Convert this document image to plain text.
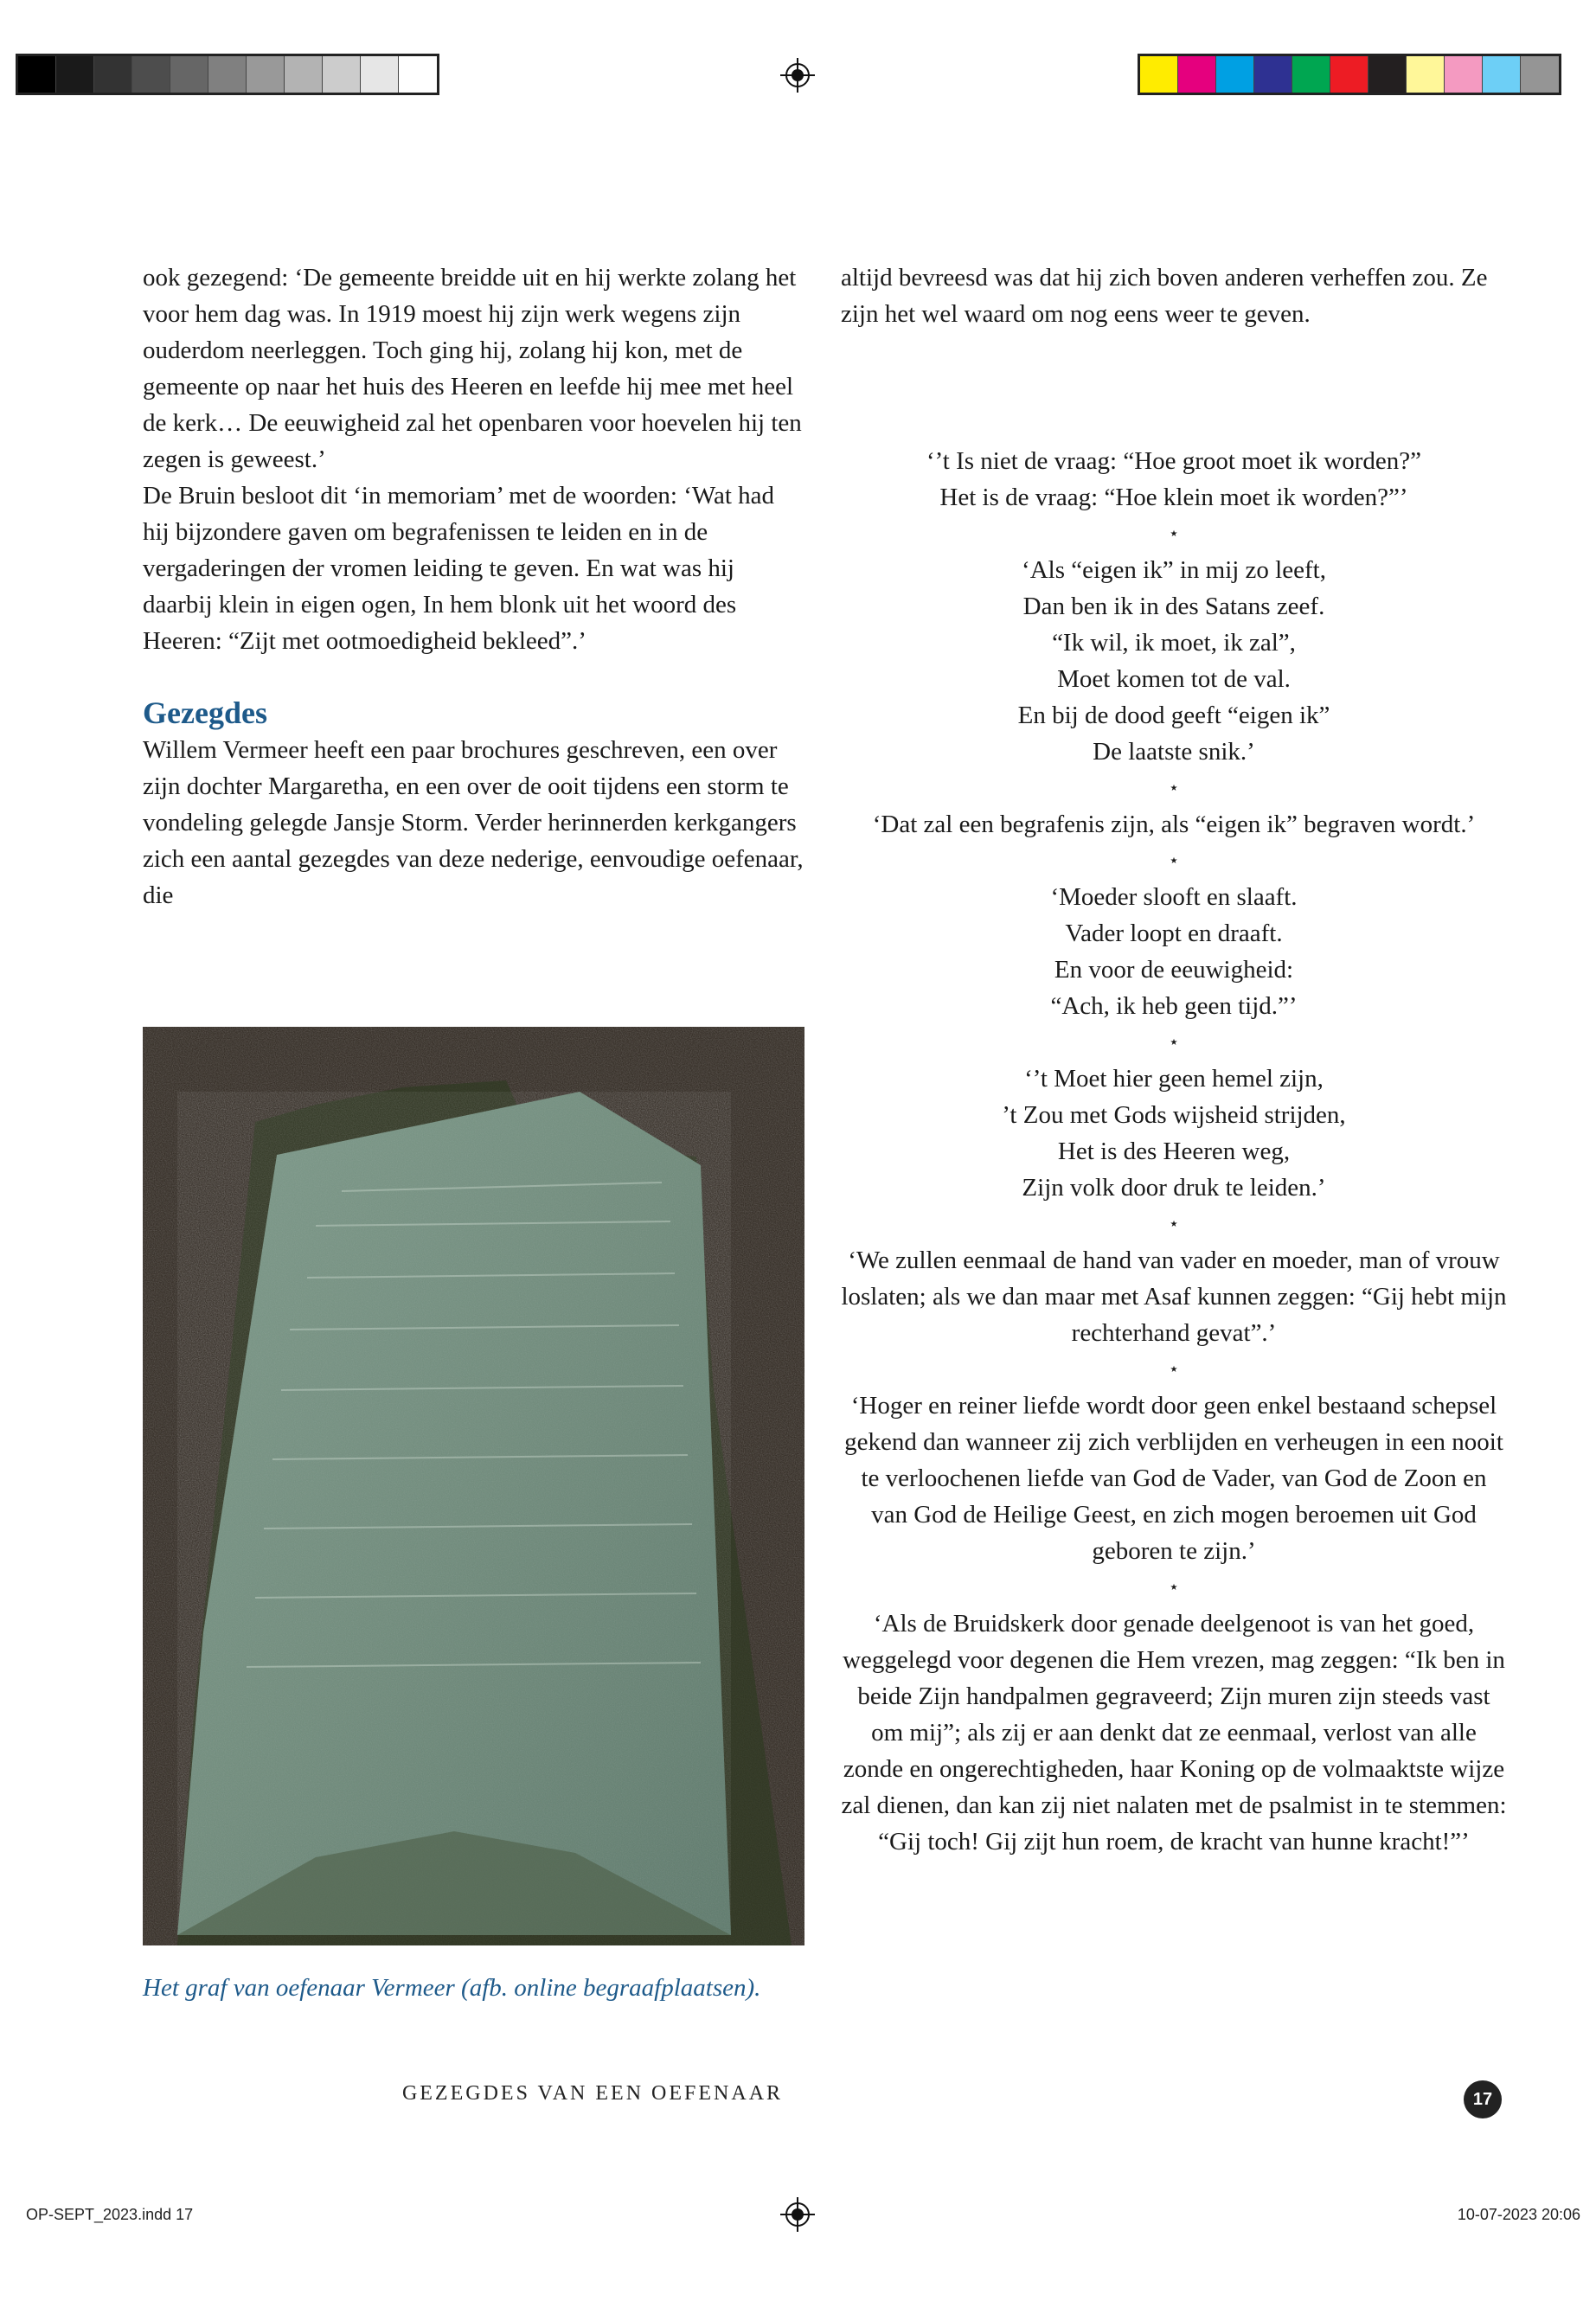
ook gezegend: ‘De gemeente breidde uit en hij werkte zolang het voor hem dag was. In 1919 moest hij zijn werk wegens zijn ouderdom neerleggen. Toch ging hij, zolang hij kon, met de gemeente op naar het huis des Heeren en leefde hij mee met heel de kerk… De eeuwigheid zal het openbaren voor hoevelen hij ten zegen is geweest.’

De Bruin besloot dit ‘in memoriam’ met de woorden: ‘Wat had hij bijzondere gaven om begrafenissen te leiden en in de vergaderingen der vromen leiding te geven. En wat was hij daarbij klein in eigen ogen, In hem blonk uit het woord des Heeren: “Zijt met ootmoedigheid bekleed”.’

Gezegdes

Willem Vermeer heeft een paar brochures geschreven, een over zijn dochter Margaretha, en een over de ooit tijdens een storm te vondeling gelegde Jansje Storm. Verder herinnerden kerkgangers zich een aantal gezegdes van deze nederige, eenvoudige oefenaar, die

Het graf van oefenaar Vermeer (afb. online begraafplaatsen).

altijd bevreesd was dat hij zich boven anderen verheffen zou. Ze zijn het wel waard om nog eens weer te geven.

‘’t Is niet de vraag: “Hoe groot moet ik worden?”
Het is de vraag: “Hoe klein moet ik worden?”’

⋆

‘Als “eigen ik” in mij zo leeft,
Dan ben ik in des Satans zeef.
“Ik wil, ik moet, ik zal”,
Moet komen tot de val.
En bij de dood geeft “eigen ik”
De laatste snik.’

⋆

‘Dat zal een begrafenis zijn, als “eigen ik” begraven wordt.’

⋆

‘Moeder slooft en slaaft.
Vader loopt en draaft.
En voor de eeuwigheid:
“Ach, ik heb geen tijd.”’

⋆

‘’t Moet hier geen hemel zijn,
’t Zou met Gods wijsheid strijden,
Het is des Heeren weg,
Zijn volk door druk te leiden.’

⋆

‘We zullen eenmaal de hand van vader en moeder, man of vrouw loslaten; als we dan maar met Asaf kunnen zeggen: “Gij hebt mijn rechterhand gevat”.’

⋆

‘Hoger en reiner liefde wordt door geen enkel bestaand schepsel gekend dan wanneer zij zich verblijden en verheugen in een nooit te verloochenen liefde van God de Vader, van God de Zoon en van God de Heilige Geest, en zich mogen beroemen uit God geboren te zijn.’

⋆

‘Als de Bruidskerk door genade deelgenoot is van het goed, weggelegd voor degenen die Hem vrezen, mag zeggen: “Ik ben in beide Zijn handpalmen gegraveerd; Zijn muren zijn steeds vast om mij”; als zij er aan denkt dat ze eenmaal, verlost van alle zonde en ongerechtigheden, haar Koning op de volmaaktste wijze zal dienen, dan kan zij niet nalaten met de psalmist in te stemmen: “Gij toch! Gij zijt hun roem, de kracht van hunne kracht!”’

GEZEGDES VAN EEN OEFENAAR	17
OP-SEPT_2023.indd 17	10-07-2023 20:06
